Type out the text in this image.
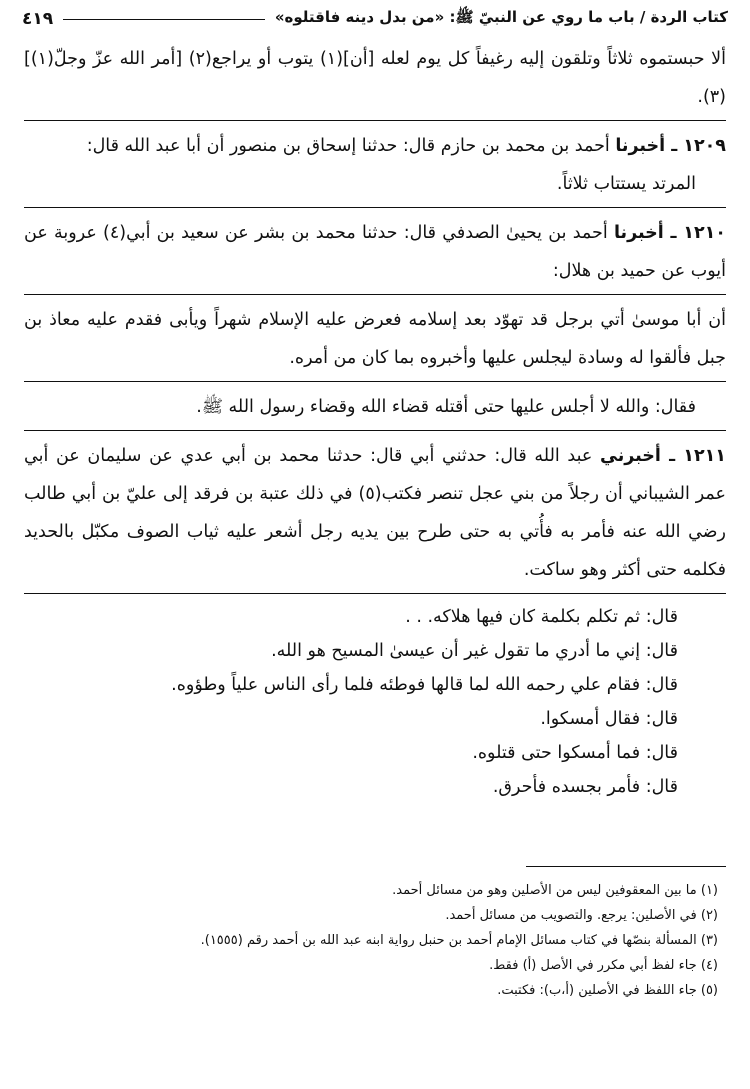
كتاب الردة / باب ما روي عن النبيّ ﷺ: «من بدل دينه فاقتلوه»
٤١٩

ألا حبستموه ثلاثاً وتلقون إليه رغيفاً كل يوم لعله [أن](١) يتوب أو يراجع(٢) [أمر الله عزّ وجلّ(١)](٣).

١٢٠٩ ـ أخبرنا أحمد بن محمد بن حازم قال: حدثنا إسحاق بن منصور أن أبا عبد الله قال:

المرتد يستتاب ثلاثاً.

١٢١٠ ـ أخبرنا أحمد بن يحيىٰ الصدفي قال: حدثنا محمد بن بشر عن سعيد بن أبي(٤) عروبة عن أيوب عن حميد بن هلال:

أن أبا موسىٰ أتي برجل قد تهوّد بعد إسلامه فعرض عليه الإسلام شهراً ويأبى فقدم عليه معاذ بن جبل فألقوا له وسادة ليجلس عليها وأخبروه بما كان من أمره.

فقال: والله لا أجلس عليها حتى أقتله قضاء الله وقضاء رسول الله ﷺ.

١٢١١ ـ أخبرني عبد الله قال: حدثني أبي قال: حدثنا محمد بن أبي عدي عن سليمان عن أبي عمر الشيباني أن رجلاً من بني عجل تنصر فكتب(٥) في ذلك عتبة بن فرقد إلى عليّ بن أبي طالب رضي الله عنه فأمر به فأُتي به حتى طرح بين يديه رجل أشعر عليه ثياب الصوف مكبّل بالحديد فكلمه حتى أكثر وهو ساكت.

قال: ثم تكلم بكلمة كان فيها هلاكه. . .

قال: إني ما أدري ما تقول غير أن عيسىٰ المسيح هو الله.

قال: فقام علي رحمه الله لما قالها فوطئه فلما رأى الناس علياً وطؤوه.

قال: فقال أمسكوا.

قال: فما أمسكوا حتى قتلوه.

قال: فأمر بجسده فأحرق.

(١) ما بين المعقوفين ليس من الأصلين وهو من مسائل أحمد.

(٢) في الأصلين: يرجع. والتصويب من مسائل أحمد.

(٣) المسألة بنصّها في كتاب مسائل الإمام أحمد بن حنبل رواية ابنه عبد الله بن أحمد رقم (١٥٥٥).

(٤) جاء لفظ أبي مكرر في الأصل (أ) فقط.

(٥) جاء اللفظ في الأصلين (أ،ب): فكتبت.
